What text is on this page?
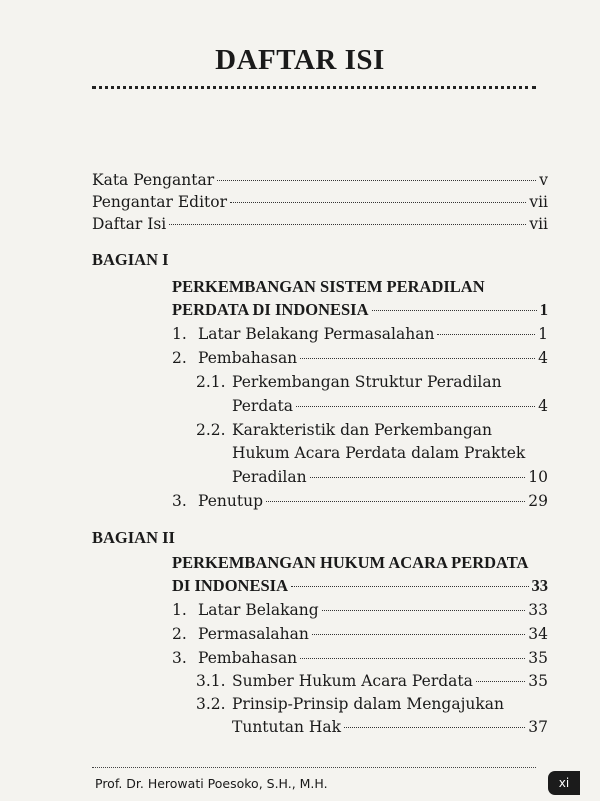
DAFTAR ISI
Kata Pengantar	v
Pengantar Editor	vii
Daftar Isi	vii
BAGIAN I
PERKEMBANGAN SISTEM PERADILAN
PERDATA DI INDONESIA	1
1. Latar Belakang Permasalahan	1
2. Pembahasan	4
2.1. Perkembangan Struktur Peradilan
Perdata	4
2.2. Karakteristik dan Perkembangan
Hukum Acara Perdata dalam Praktek
Peradilan	10
3. Penutup	29
BAGIAN II
PERKEMBANGAN HUKUM ACARA PERDATA
DI INDONESIA	33
1. Latar Belakang	33
2. Permasalahan	34
3. Pembahasan	35
3.1. Sumber Hukum Acara Perdata	35
3.2. Prinsip-Prinsip dalam Mengajukan
Tuntutan Hak	37
Prof. Dr. Herowati Poesoko, S.H., M.H.	xi
